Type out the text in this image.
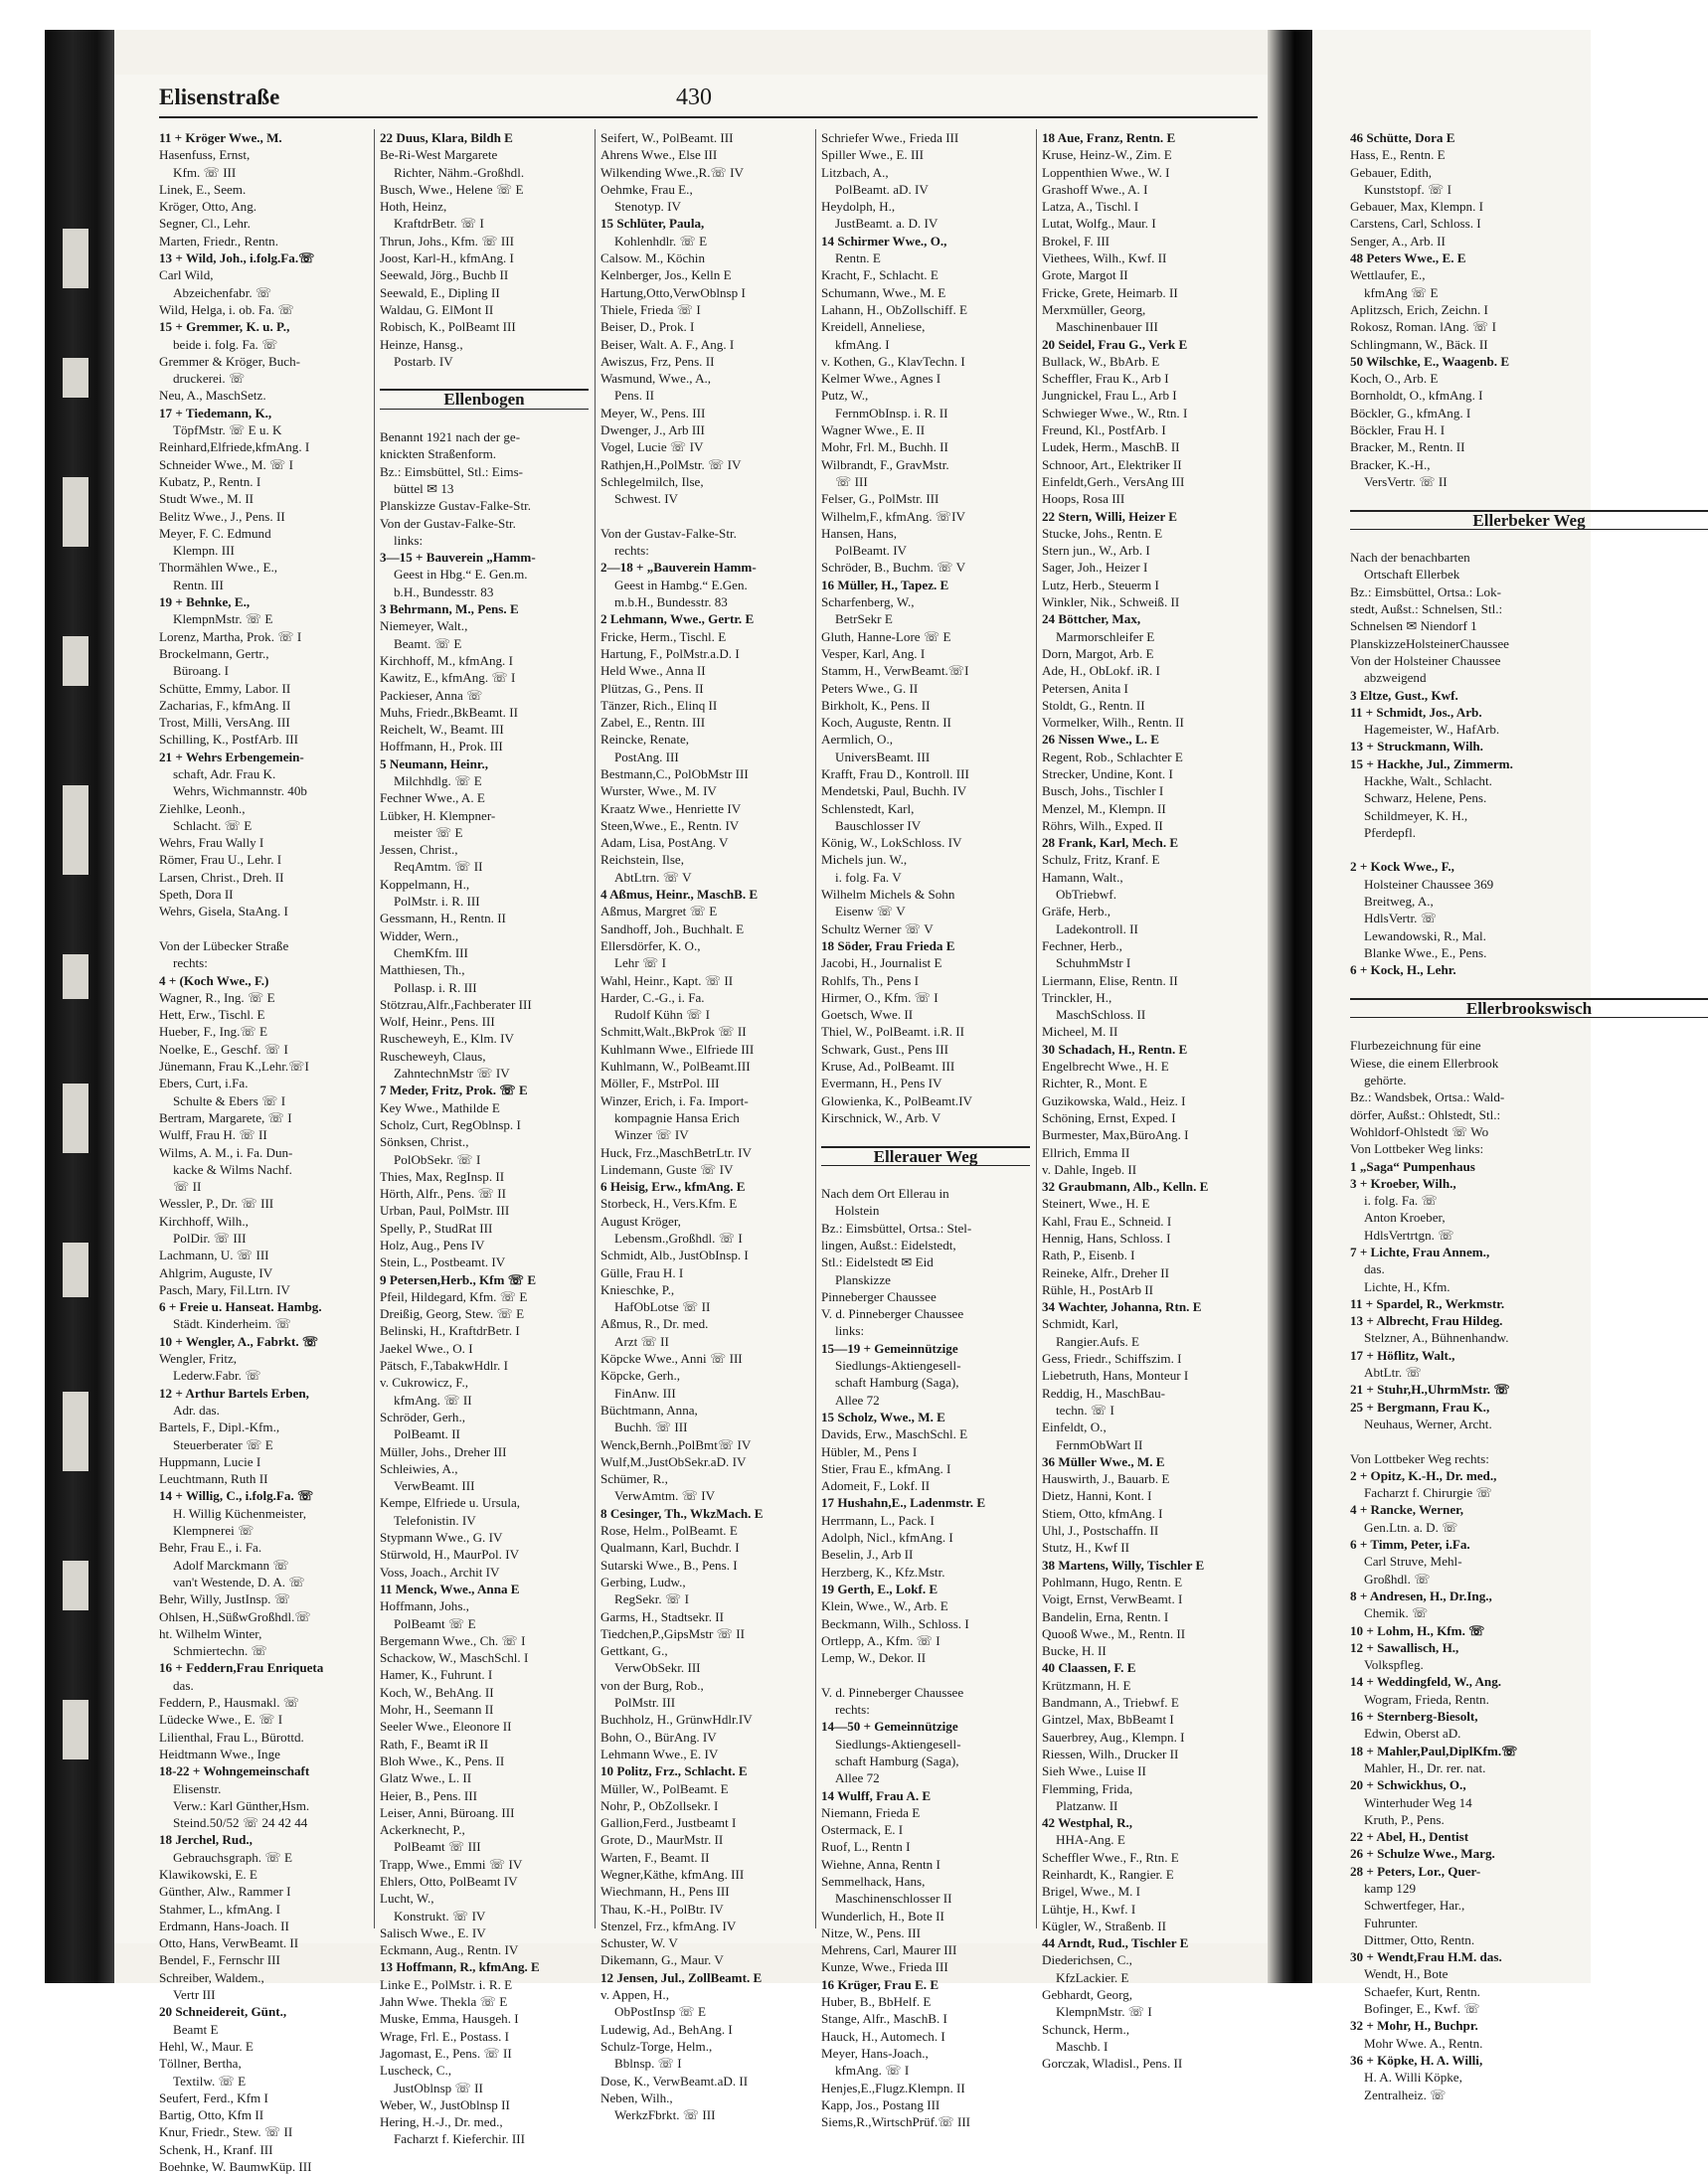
Elisenstraße	430
11 + Kröger Wwe., M.
Hasenfuss, Ernst,
Kfm. ☏ III
Linek, E., Seem.
Kröger, Otto, Ang.
Segner, Cl., Lehr.
Marten, Friedr., Rentn.
13 + Wild, Joh., i.folg.Fa.☏
Carl Wild,
Abzeichenfabr. ☏
Wild, Helga, i. ob. Fa. ☏
15 + Gremmer, K. u. P.,
beide i. folg. Fa. ☏
Gremmer & Kröger, Buch-
druckerei. ☏
Neu, A., MaschSetz.
17 + Tiedemann, K.,
TöpfMstr. ☏ E u. K
Reinhard,Elfriede,kfmAng. I
Schneider Wwe., M. ☏ I
Kubatz, P., Rentn. I
Studt Wwe., M. II
Belitz Wwe., J., Pens. II
Meyer, F. C. Edmund
Klempn. III
Thormählen Wwe., E.,
Rentn. III
19 + Behnke, E.,
KlempnMstr. ☏ E
Lorenz, Martha, Prok. ☏ I
Brockelmann, Gertr.,
Büroang. I
Schütte, Emmy, Labor. II
Zacharias, F., kfmAng. II
Trost, Milli, VersAng. III
Schilling, K., PostfArb. III
21 + Wehrs Erbengemein-
schaft, Adr. Frau K.
Wehrs, Wichmannstr. 40b
Ziehlke, Leonh.,
Schlacht. ☏ E
Wehrs, Frau Wally I
Römer, Frau U., Lehr. I
Larsen, Christ., Dreh. II
Speth, Dora II
Wehrs, Gisela, StaAng. I

Von der Lübecker Straße
rechts:
4 + (Koch Wwe., F.)
Wagner, R., Ing. ☏ E
Hett, Erw., Tischl. E
Hueber, F., Ing.☏ E
Noelke, E., Geschf. ☏ I
Jünemann, Frau K.,Lehr.☏I
Ebers, Curt, i.Fa.
Schulte & Ebers ☏ I
Bertram, Margarete, ☏ I
Wulff, Frau H. ☏ II
Wilms, A. M., i. Fa. Dun-
kacke & Wilms Nachf.
☏ II
Wessler, P., Dr. ☏ III
Kirchhoff, Wilh.,
PolDir. ☏ III
Lachmann, U. ☏ III
Ahlgrim, Auguste, IV
Pasch, Mary, Fil.Ltrn. IV
6 + Freie u. Hanseat. Hambg.
Städt. Kinderheim. ☏
10 + Wengler, A., Fabrkt. ☏
Wengler, Fritz,
Lederw.Fabr. ☏
12 + Arthur Bartels Erben,
Adr. das.
Bartels, F., Dipl.-Kfm.,
Steuerberater ☏ E
Huppmann, Lucie I
Leuchtmann, Ruth II
14 + Willig, C., i.folg.Fa. ☏
H. Willig Küchenmeister,
Klempnerei ☏
Behr, Frau E., i. Fa.
Adolf Marckmann ☏
van't Westende, D. A. ☏
Behr, Willy, JustInsp. ☏
Ohlsen, H.,SüßwGroßhdl.☏
ht. Wilhelm Winter,
Schmiertechn. ☏
16 + Feddern,Frau Enriqueta
das.
Feddern, P., Hausmakl. ☏
Lüdecke Wwe., E. ☏ I
Lilienthal, Frau L., Bürottd.
Heidtmann Wwe., Inge
18-22 + Wohngemeinschaft
Elisenstr.
Verw.: Karl Günther,Hsm.
Steind.50/52 ☏ 24 42 44
18 Jerchel, Rud.,
Gebrauchsgraph. ☏ E
Klawikowski, E. E
Günther, Alw., Rammer I
Stahmer, L., kfmAng. I
Erdmann, Hans-Joach. II
Otto, Hans, VerwBeamt. II
Bendel, F., Fernschr III
Schreiber, Waldem.,
Vertr III
20 Schneidereit, Günt.,
Beamt E
Hehl, W., Maur. E
Töllner, Bertha,
Textilw. ☏ E
Seufert, Ferd., Kfm I
Bartig, Otto, Kfm II
Knur, Friedr., Stew. ☏ II
Schenk, H., Kranf. III
Boehnke, W. BaumwKüp. III
22 Duus, Klara, Bildh E
Be-Ri-West Margarete
Richter, Nähm.-Großhdl.
Busch, Wwe., Helene ☏ E
Hoth, Heinz,
KraftdrBetr. ☏ I
Thrun, Johs., Kfm. ☏ III
Joost, Karl-H., kfmAng. I
Seewald, Jörg., Buchb II
Seewald, E., Dipling II
Waldau, G. ElMont II
Robisch, K., PolBeamt III
Heinze, Hansg.,
Postarb. IV

Ellenbogen

Benannt 1921 nach der ge-
knickten Straßenform.
Bz.: Eimsbüttel, Stl.: Eims-
büttel ✉ 13
Planskizze Gustav-Falke-Str.
Von der Gustav-Falke-Str.
links:
3—15 + Bauverein „Hamm-
Geest in Hbg.“ E. Gen.m.
b.H., Bundesstr. 83
3 Behrmann, M., Pens. E
Niemeyer, Walt.,
Beamt. ☏ E
Kirchhoff, M., kfmAng. I
Kawitz, E., kfmAng. ☏ I
Packieser, Anna ☏
Muhs, Friedr.,BkBeamt. II
Reichelt, W., Beamt. III
Hoffmann, H., Prok. III
5 Neumann, Heinr.,
Milchhdlg. ☏ E
Fechner Wwe., A. E
Lübker, H. Klempner-
meister ☏ E
Jessen, Christ.,
ReqAmtm. ☏ II
Koppelmann, H.,
PolMstr. i. R. III
Gessmann, H., Rentn. II
Widder, Wern.,
ChemKfm. III
Matthiesen, Th.,
Pollasp. i. R. III
Stötzrau,Alfr.,Fachberater III
Wolf, Heinr., Pens. III
Ruscheweyh, E., Klm. IV
Ruscheweyh, Claus,
ZahntechnMstr ☏ IV
7 Meder, Fritz, Prok. ☏ E
Key Wwe., Mathilde E
Scholz, Curt, RegOblnsp. I
Sönksen, Christ.,
PolObSekr. ☏ I
Thies, Max, RegInsp. II
Hörth, Alfr., Pens. ☏ II
Urban, Paul, PolMstr. III
Spelly, P., StudRat III
Holz, Aug., Pens IV
Stein, L., Postbeamt. IV
9 Petersen,Herb., Kfm ☏ E
Pfeil, Hildegard, Kfm. ☏ E
Dreißig, Georg, Stew. ☏ E
Belinski, H., KraftdrBetr. I
Jaekel Wwe., O. I
Pätsch, F.,TabakwHdlr. I
v. Cukrowicz, F.,
kfmAng. ☏ II
Schröder, Gerh.,
PolBeamt. II
Müller, Johs., Dreher III
Schleiwies, A.,
VerwBeamt. III
Kempe, Elfriede u. Ursula,
Telefonistin. IV
Stypmann Wwe., G. IV
Stürwold, H., MaurPol. IV
Voss, Joach., Archit IV
11 Menck, Wwe., Anna E
Hoffmann, Johs.,
PolBeamt ☏ E
Bergemann Wwe., Ch. ☏ I
Schackow, W., MaschSchl. I
Hamer, K., Fuhrunt. I
Koch, W., BehAng. II
Mohr, H., Seemann II
Seeler Wwe., Eleonore II
Rath, F., Beamt iR II
Bloh Wwe., K., Pens. II
Glatz Wwe., L. II
Heier, B., Pens. III
Leiser, Anni, Büroang. III
Ackerknecht, P.,
PolBeamt ☏ III
Trapp, Wwe., Emmi ☏ IV
Ehlers, Otto, PolBeamt IV
Lucht, W.,
Konstrukt. ☏ IV
Salisch Wwe., E. IV
Eckmann, Aug., Rentn. IV
13 Hoffmann, R., kfmAng. E
Linke E., PolMstr. i. R. E
Jahn Wwe. Thekla ☏ E
Muske, Emma, Hausgeh. I
Wrage, Frl. E., Postass. I
Jagomast, E., Pens. ☏ II
Luscheck, C.,
JustOblnsp ☏ II
Weber, W., JustOblnsp II
Hering, H.-J., Dr. med.,
Facharzt f. Kieferchir. III
Seifert, W., PolBeamt. III
Ahrens Wwe., Else III
Wilkending Wwe.,R.☏ IV
Oehmke, Frau E.,
Stenotyp. IV
15 Schlüter, Paula,
Kohlenhdlr. ☏ E
Calsow. M., Köchin
Kelnberger, Jos., Kelln E
Hartung,Otto,VerwOblnsp I
Thiele, Frieda ☏ I
Beiser, D., Prok. I
Beiser, Walt. A. F., Ang. I
Awiszus, Frz, Pens. II
Wasmund, Wwe., A.,
Pens. II
Meyer, W., Pens. III
Dwenger, J., Arb III
Vogel, Lucie ☏ IV
Rathjen,H.,PolMstr. ☏ IV
Schlegelmilch, Ilse,
Schwest. IV

Von der Gustav-Falke-Str.
rechts:
2—18 + „Bauverein Hamm-
Geest in Hambg.“ E.Gen.
m.b.H., Bundesstr. 83
2 Lehmann, Wwe., Gertr. E
Fricke, Herm., Tischl. E
Hartung, F., PolMstr.a.D. I
Held Wwe., Anna II
Plützas, G., Pens. II
Tänzer, Rich., Elinq II
Zabel, E., Rentn. III
Reincke, Renate,
PostAng. III
Bestmann,C., PolObMstr III
Wurster, Wwe., M. IV
Kraatz Wwe., Henriette IV
Steen,Wwe., E., Rentn. IV
Adam, Lisa, PostAng. V
Reichstein, Ilse,
AbtLtrn. ☏ V
4 Aßmus, Heinr., MaschB. E
Aßmus, Margret ☏ E
Sandhoff, Joh., Buchhalt. E
Ellersdörfer, K. O.,
Lehr ☏ I
Wahl, Heinr., Kapt. ☏ II
Harder, C.-G., i. Fa.
Rudolf Kühn ☏ I
Schmitt,Walt.,BkProk ☏ II
Kuhlmann Wwe., Elfriede III
Kuhlmann, W., PolBeamt.III
Möller, F., MstrPol. III
Winzer, Erich, i. Fa. Import-
kompagnie Hansa Erich
Winzer ☏ IV
Huck, Frz.,MaschBetrLtr. IV
Lindemann, Guste ☏ IV
6 Heisig, Erw., kfmAng. E
Storbeck, H., Vers.Kfm. E
August Kröger,
Lebensm.,Großhdl. ☏ I
Schmidt, Alb., JustObInsp. I
Gülle, Frau H. I
Knieschke, P.,
HafObLotse ☏ II
Aßmus, R., Dr. med.
Arzt ☏ II
Köpcke Wwe., Anni ☏ III
Köpcke, Gerh.,
FinAnw. III
Büchtmann, Anna,
Buchh. ☏ III
Wenck,Bernh.,PolBmt☏ IV
Wulf,M.,JustObSekr.aD. IV
Schümer, R.,
VerwAmtm. ☏ IV
8 Cesinger, Th., WkzMach. E
Rose, Helm., PolBeamt. E
Qualmann, Karl, Buchdr. I
Sutarski Wwe., B., Pens. I
Gerbing, Ludw.,
RegSekr. ☏ I
Garms, H., Stadtsekr. II
Tiedchen,P.,GipsMstr ☏ II
Gettkant, G.,
VerwObSekr. III
von der Burg, Rob.,
PolMstr. III
Buchholz, H., GrünwHdlr.IV
Bohn, O., BürAng. IV
Lehmann Wwe., E. IV
10 Politz, Frz., Schlacht. E
Müller, W., PolBeamt. E
Nohr, P., ObZollsekr. I
Gallion,Ferd., Justbeamt I
Grote, D., MaurMstr. II
Warten, F., Beamt. II
Wegner,Käthe, kfmAng. III
Wiechmann, H., Pens III
Thau, K.-H., PolBtr. IV
Stenzel, Frz., kfmAng. IV
Schuster, W. V
Dikemann, G., Maur. V
12 Jensen, Jul., ZollBeamt. E
v. Appen, H.,
ObPostInsp ☏ E
Ludewig, Ad., BehAng. I
Schulz-Torge, Helm.,
Bblnsp. ☏ I
Dose, K., VerwBeamt.aD. II
Neben, Wilh.,
WerkzFbrkt. ☏ III
Schriefer Wwe., Frieda III
Spiller Wwe., E. III
Litzbach, A.,
PolBeamt. aD. IV
Heydolph, H.,
JustBeamt. a. D. IV
14 Schirmer Wwe., O.,
Rentn. E
Kracht, F., Schlacht. E
Schumann, Wwe., M. E
Lahann, H., ObZollschiff. E
Kreidell, Anneliese,
kfmAng. I
v. Kothen, G., KlavTechn. I
Kelmer Wwe., Agnes I
Putz, W.,
FernmObInsp. i. R. II
Wagner Wwe., E. II
Mohr, Frl. M., Buchh. II
Wilbrandt, F., GravMstr.
☏ III
Felser, G., PolMstr. III
Wilhelm,F., kfmAng. ☏IV
Hansen, Hans,
PolBeamt. IV
Schröder, B., Buchm. ☏ V
16 Müller, H., Tapez. E
Scharfenberg, W.,
BetrSekr E
Gluth, Hanne-Lore ☏ E
Vesper, Karl, Ang. I
Stamm, H., VerwBeamt.☏I
Peters Wwe., G. II
Birkholt, K., Pens. II
Koch, Auguste, Rentn. II
Aermlich, O.,
UniversBeamt. III
Krafft, Frau D., Kontroll. III
Mendetski, Paul, Buchh. IV
Schlenstedt, Karl,
Bauschlosser IV
König, W., LokSchloss. IV
Michels jun. W.,
i. folg. Fa. V
Wilhelm Michels & Sohn
Eisenw ☏ V
Schultz Werner ☏ V
18 Söder, Frau Frieda E
Jacobi, H., Journalist E
Rohlfs, Th., Pens I
Hirmer, O., Kfm. ☏ I
Goetsch, Wwe. II
Thiel, W., PolBeamt. i.R. II
Schwark, Gust., Pens III
Kruse, Ad., PolBeamt. III
Evermann, H., Pens IV
Glowienka, K., PolBeamt.IV
Kirschnick, W., Arb. V

Ellerauer Weg

Nach dem Ort Ellerau in
Holstein
Bz.: Eimsbüttel, Ortsa.: Stel-
lingen, Außst.: Eidelstedt,
Stl.: Eidelstedt ✉ Eid
Planskizze
Pinneberger Chaussee
V. d. Pinneberger Chaussee
links:
15—19 + Gemeinnützige
Siedlungs-Aktiengesell-
schaft Hamburg (Saga),
Allee 72
15 Scholz, Wwe., M. E
Davids, Erw., MaschSchl. E
Hübler, M., Pens I
Stier, Frau E., kfmAng. I
Adomeit, F., Lokf. II
17 Hushahn,E., Ladenmstr. E
Herrmann, L., Pack. I
Adolph, Nicl., kfmAng. I
Beselin, J., Arb II
Herzberg, K., Kfz.Mstr.
19 Gerth, E., Lokf. E
Klein, Wwe., W., Arb. E
Beckmann, Wilh., Schloss. I
Ortlepp, A., Kfm. ☏ I
Lemp, W., Dekor. II

V. d. Pinneberger Chaussee
rechts:
14—50 + Gemeinnützige
Siedlungs-Aktiengesell-
schaft Hamburg (Saga),
Allee 72
14 Wulff, Frau A. E
Niemann, Frieda E
Ostermack, E. I
Ruof, L., Rentn I
Wiehne, Anna, Rentn I
Semmelhack, Hans,
Maschinenschlosser II
Wunderlich, H., Bote II
Nitze, W., Pens. III
Mehrens, Carl, Maurer III
Kunze, Wwe., Frieda III
16 Krüger, Frau E. E
Huber, B., BbHelf. E
Stange, Alfr., MaschB. I
Hauck, H., Automech. I
Meyer, Hans-Joach.,
kfmAng. ☏ I
Henjes,E.,Flugz.Klempn. II
Kapp, Jos., Postang III
Siems,R.,WirtschPrüf.☏ III
18 Aue, Franz, Rentn. E
Kruse, Heinz-W., Zim. E
Loppenthien Wwe., W. I
Grashoff Wwe., A. I
Latza, A., Tischl. I
Lutat, Wolfg., Maur. I
Brokel, F. III
Viethees, Wilh., Kwf. II
Grote, Margot II
Fricke, Grete, Heimarb. II
Merxmüller, Georg,
Maschinenbauer III
20 Seidel, Frau G., Verk E
Bullack, W., BbArb. E
Scheffler, Frau K., Arb I
Jungnickel, Frau L., Arb I
Schwieger Wwe., W., Rtn. I
Freund, Kl., PostfArb. I
Ludek, Herm., MaschB. II
Schnoor, Art., Elektriker II
Einfeldt,Gerh., VersAng III
Hoops, Rosa III
22 Stern, Willi, Heizer E
Stucke, Johs., Rentn. E
Stern jun., W., Arb. I
Sager, Joh., Heizer I
Lutz, Herb., Steuerm I
Winkler, Nik., Schweiß. II
24 Böttcher, Max,
Marmorschleifer E
Dorn, Margot, Arb. E
Ade, H., ObLokf. iR. I
Petersen, Anita I
Stoldt, G., Rentn. II
Vormelker, Wilh., Rentn. II
26 Nissen Wwe., L. E
Regent, Rob., Schlachter E
Strecker, Undine, Kont. I
Busch, Johs., Tischler I
Menzel, M., Klempn. II
Röhrs, Wilh., Exped. II
28 Frank, Karl, Mech. E
Schulz, Fritz, Kranf. E
Hamann, Walt.,
ObTriebwf.
Gräfe, Herb.,
Ladekontroll. II
Fechner, Herb.,
SchuhmMstr I
Liermann, Elise, Rentn. II
Trinckler, H.,
MaschSchloss. II
Micheel, M. II
30 Schadach, H., Rentn. E
Engelbrecht Wwe., H. E
Richter, R., Mont. E
Guzikowska, Wald., Heiz. I
Schöning, Ernst, Exped. I
Burmester, Max,BüroAng. I
Ellrich, Emma II
v. Dahle, Ingeb. II
32 Graubmann, Alb., Kelln. E
Steinert, Wwe., H. E
Kahl, Frau E., Schneid. I
Hennig, Hans, Schloss. I
Rath, P., Eisenb. I
Reineke, Alfr., Dreher II
Rühle, H., PostArb II
34 Wachter, Johanna, Rtn. E
Schmidt, Karl,
Rangier.Aufs. E
Gess, Friedr., Schiffszim. I
Liebetruth, Hans, Monteur I
Reddig, H., MaschBau-
techn. ☏ I
Einfeldt, O.,
FernmObWart II
36 Müller Wwe., M. E
Hauswirth, J., Bauarb. E
Dietz, Hanni, Kont. I
Stiem, Otto, kfmAng. I
Uhl, J., Postschaffn. II
Stutz, H., Kwf II
38 Martens, Willy, Tischler E
Pohlmann, Hugo, Rentn. E
Voigt, Ernst, VerwBeamt. I
Bandelin, Erna, Rentn. I
Quooß Wwe., M., Rentn. II
Bucke, H. II
40 Claassen, F. E
Krützmann, H. E
Bandmann, A., Triebwf. E
Gintzel, Max, BbBeamt I
Sauerbrey, Aug., Klempn. I
Riessen, Wilh., Drucker II
Sieh Wwe., Luise II
Flemming, Frida,
Platzanw. II
42 Westphal, R.,
HHA-Ang. E
Scheffler Wwe., F., Rtn. E
Reinhardt, K., Rangier. E
Brigel, Wwe., M. I
Lühtje, H., Kwf. I
Kügler, W., Straßenb. II
44 Arndt, Rud., Tischler E
Diederichsen, C.,
KfzLackier. E
Gebhardt, Georg,
KlempnMstr. ☏ I
Schunck, Herm.,
Maschb. I
Gorczak, Wladisl., Pens. II
46 Schütte, Dora E
Hass, E., Rentn. E
Gebauer, Edith,
Kunststopf. ☏ I
Gebauer, Max, Klempn. I
Carstens, Carl, Schloss. I
Senger, A., Arb. II
48 Peters Wwe., E. E
Wettlaufer, E.,
kfmAng ☏ E
Aplitzsch, Erich, Zeichn. I
Rokosz, Roman. lAng. ☏ I
Schlingmann, W., Bäck. II
50 Wilschke, E., Waagenb. E
Koch, O., Arb. E
Bornholdt, O., kfmAng. I
Böckler, G., kfmAng. I
Böckler, Frau H. I
Bracker, M., Rentn. II
Bracker, K.-H.,
VersVertr. ☏ II

Ellerbeker Weg

Nach der benachbarten
Ortschaft Ellerbek
Bz.: Eimsbüttel, Ortsa.: Lok-
stedt, Außst.: Schnelsen, Stl.:
Schnelsen ✉ Niendorf 1
PlanskizzeHolsteinerChaussee
Von der Holsteiner Chaussee
abzweigend
3 Eltze, Gust., Kwf.
11 + Schmidt, Jos., Arb.
Hagemeister, W., HafArb.
13 + Struckmann, Wilh.
15 + Hackhe, Jul., Zimmerm.
Hackhe, Walt., Schlacht.
Schwarz, Helene, Pens.
Schildmeyer, K. H.,
Pferdepfl.

2 + Kock Wwe., F.,
Holsteiner Chaussee 369
Breitweg, A.,
HdlsVertr. ☏
Lewandowski, R., Mal.
Blanke Wwe., E., Pens.
6 + Kock, H., Lehr.

Ellerbrookswisch

Flurbezeichnung für eine
Wiese, die einem Ellerbrook
gehörte.
Bz.: Wandsbek, Ortsa.: Wald-
dörfer, Außst.: Ohlstedt, Stl.:
Wohldorf-Ohlstedt ☏ Wo
Von Lottbeker Weg links:
1 „Saga“ Pumpenhaus
3 + Kroeber, Wilh.,
i. folg. Fa. ☏
Anton Kroeber,
HdlsVertrtgn. ☏
7 + Lichte, Frau Annem.,
das.
Lichte, H., Kfm.
11 + Spardel, R., Werkmstr.
13 + Albrecht, Frau Hildeg.
Stelzner, A., Bühnenhandw.
17 + Höflitz, Walt.,
AbtLtr. ☏
21 + Stuhr,H.,UhrmMstr. ☏
25 + Bergmann, Frau K.,
Neuhaus, Werner, Archt.

Von Lottbeker Weg rechts:
2 + Opitz, K.-H., Dr. med.,
Facharzt f. Chirurgie ☏
4 + Rancke, Werner,
Gen.Ltn. a. D. ☏
6 + Timm, Peter, i.Fa.
Carl Struve, Mehl-
Großhdl. ☏
8 + Andresen, H., Dr.Ing.,
Chemik. ☏
10 + Lohm, H., Kfm. ☏
12 + Sawallisch, H.,
Volkspfleg.
14 + Weddingfeld, W., Ang.
Wogram, Frieda, Rentn.
16 + Sternberg-Biesolt,
Edwin, Oberst aD.
18 + Mahler,Paul,DiplKfm.☏
Mahler, H., Dr. rer. nat.
20 + Schwickhus, O.,
Winterhuder Weg 14
Kruth, P., Pens.
22 + Abel, H., Dentist
26 + Schulze Wwe., Marg.
28 + Peters, Lor., Quer-
kamp 129
Schwertfeger, Har.,
Fuhrunter.
Dittmer, Otto, Rentn.
30 + Wendt,Frau H.M. das.
Wendt, H., Bote
Schaefer, Kurt, Rentn.
Bofinger, E., Kwf. ☏
32 + Mohr, H., Buchpr.
Mohr Wwe. A., Rentn.
36 + Köpke, H. A. Willi,
H. A. Willi Köpke,
Zentralheiz. ☏
